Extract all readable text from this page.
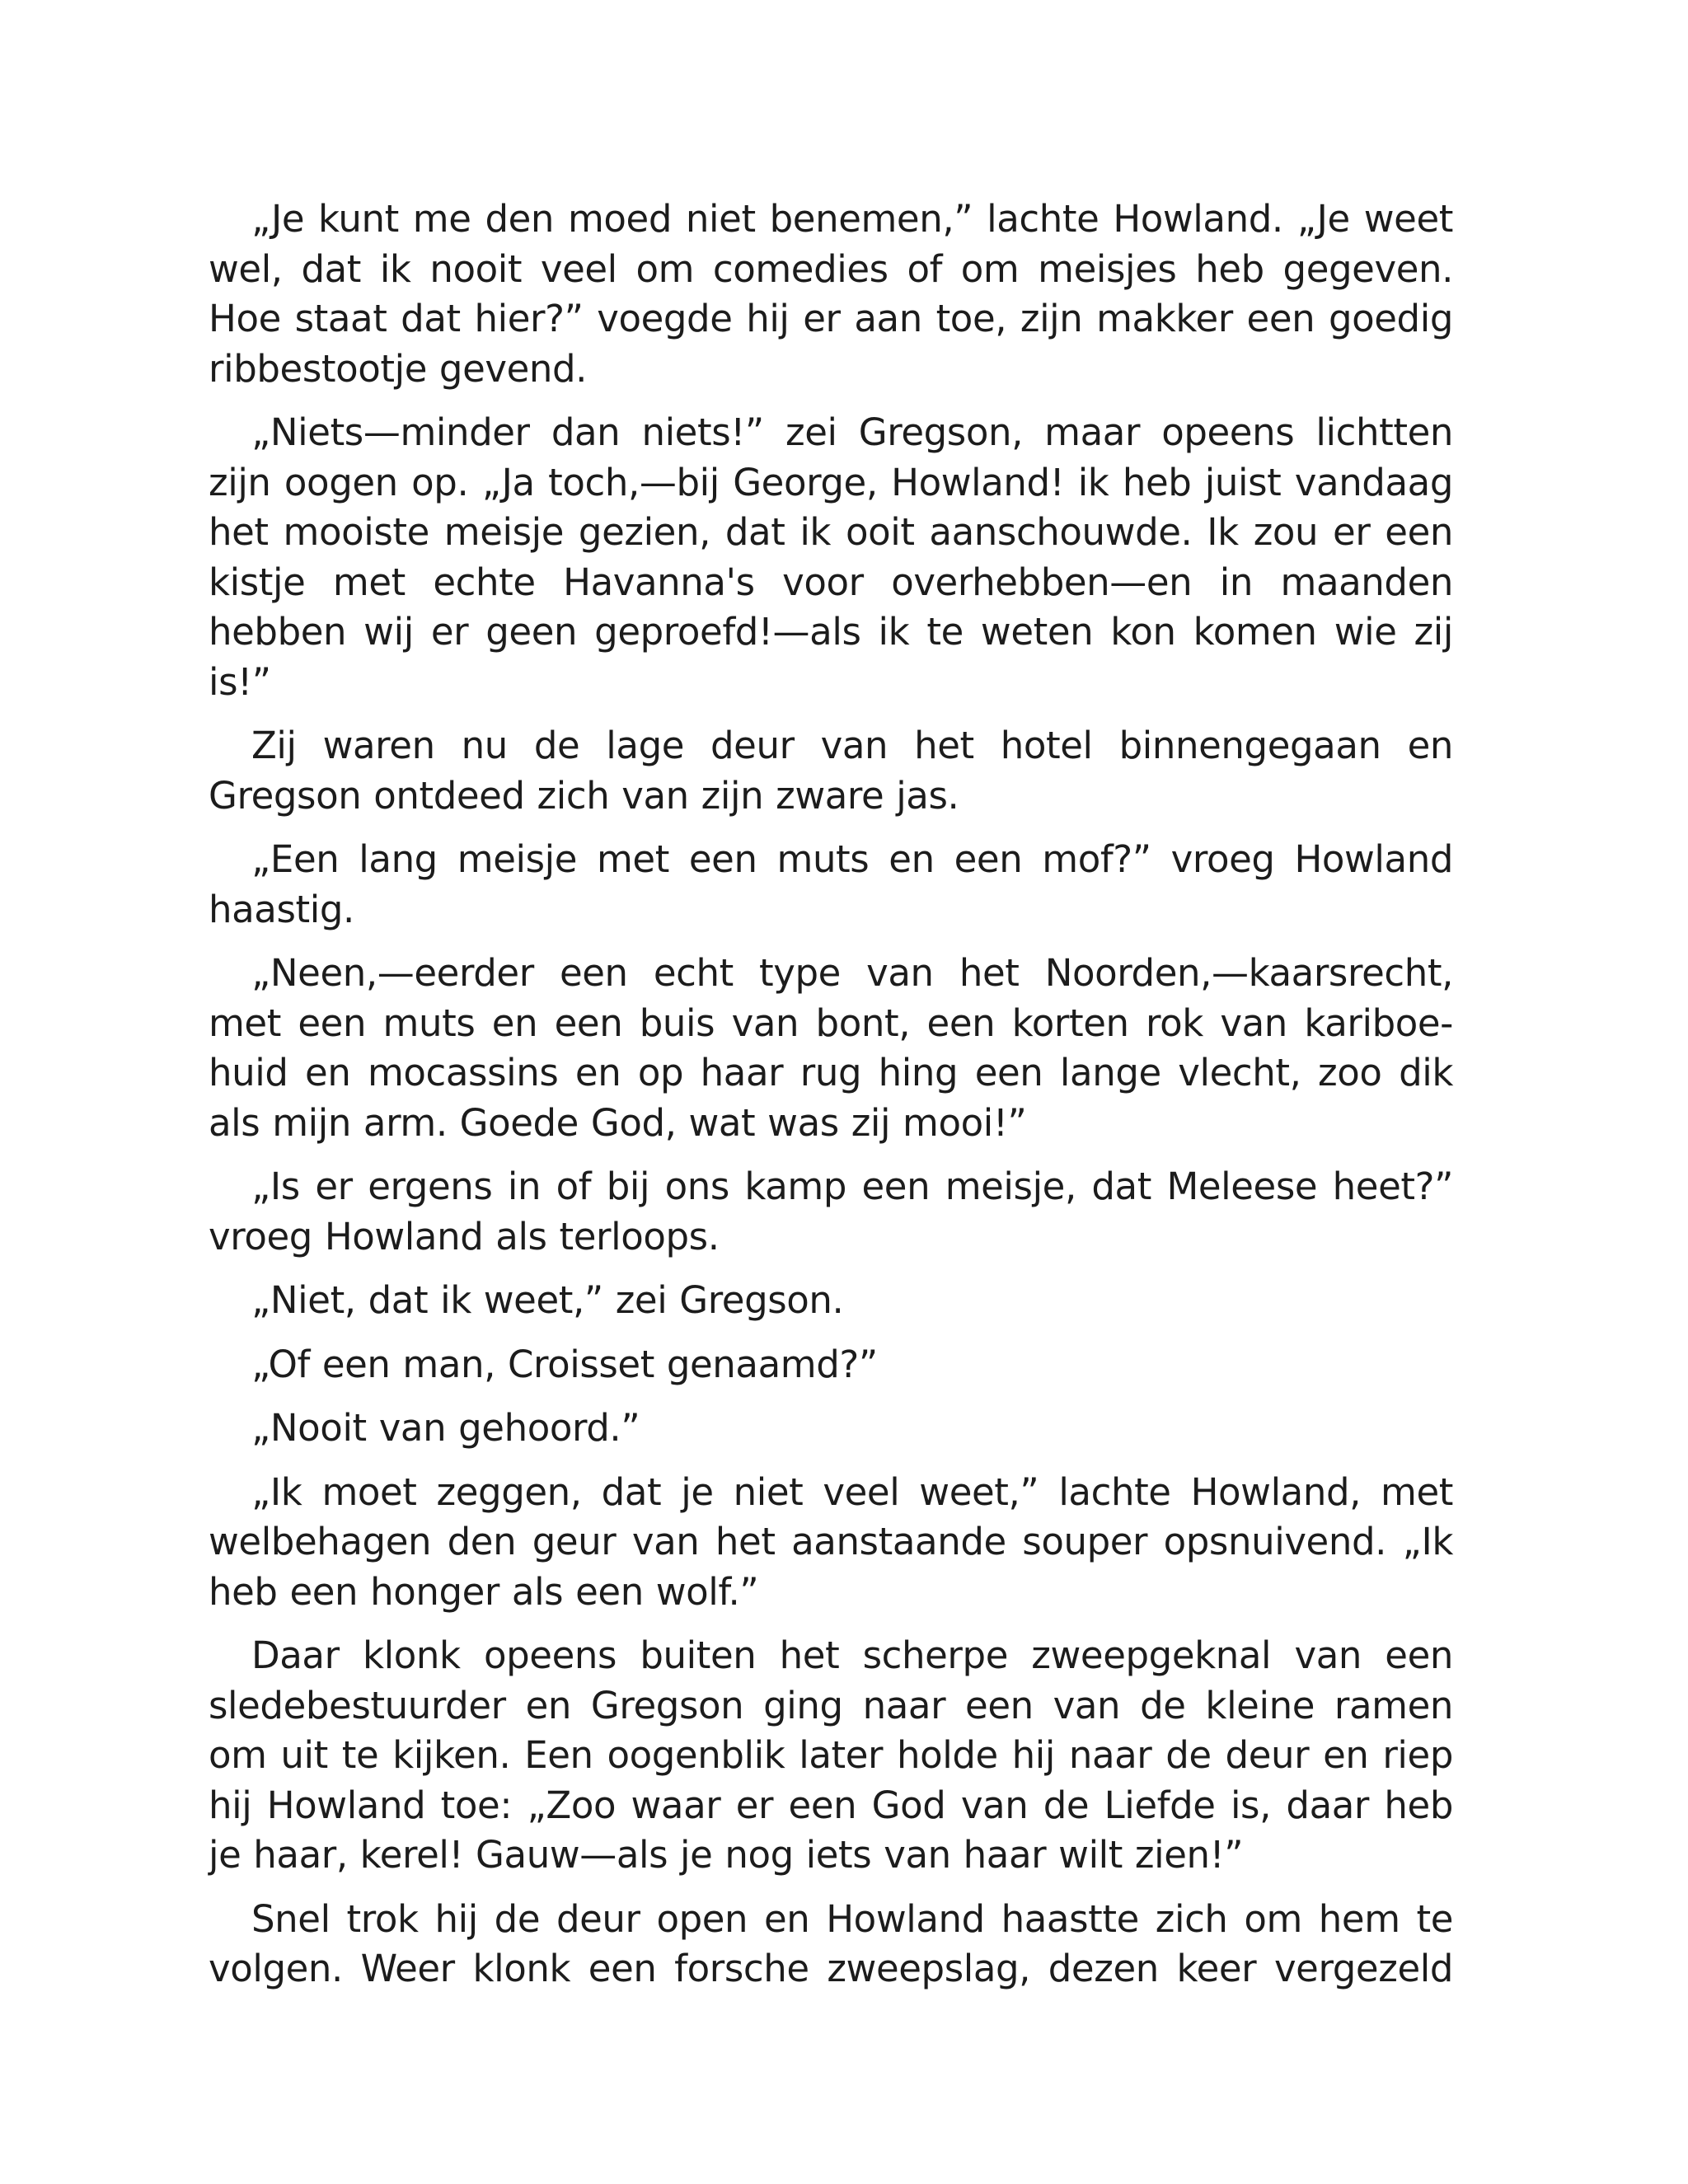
„Je kunt me den moed niet benemen,” lachte Howland. „Je weet wel, dat ik nooit veel om comedies of om meisjes heb gegeven. Hoe staat dat hier?” voegde hij er aan toe, zijn makker een goedig ribbestootje gevend.

„Niets—minder dan niets!” zei Gregson, maar opeens lichtten zijn oogen op. „Ja toch,—bij George, Howland! ik heb juist vandaag het mooiste meisje gezien, dat ik ooit aanschouwde. Ik zou er een kistje met echte Havanna's voor overhebben—en in maanden hebben wij er geen geproefd!—als ik te weten kon komen wie zij is!”

Zij waren nu de lage deur van het hotel binnengegaan en Gregson ontdeed zich van zijn zware jas.

„Een lang meisje met een muts en een mof?” vroeg Howland haastig.

„Neen,—eerder een echt type van het Noorden,—kaarsrecht, met een muts en een buis van bont, een korten rok van kariboe-huid en mocassins en op haar rug hing een lange vlecht, zoo dik als mijn arm. Goede God, wat was zij mooi!”

„Is er ergens in of bij ons kamp een meisje, dat Meleese heet?” vroeg Howland als terloops.

„Niet, dat ik weet,” zei Gregson.

„Of een man, Croisset genaamd?”

„Nooit van gehoord.”

„Ik moet zeggen, dat je niet veel weet,” lachte Howland, met welbehagen den geur van het aanstaande souper opsnuivend. „Ik heb een honger als een wolf.”

Daar klonk opeens buiten het scherpe zweepgeknal van een sledebestuurder en Gregson ging naar een van de kleine ramen om uit te kijken. Een oogenblik later holde hij naar de deur en riep hij Howland toe: „Zoo waar er een God van de Liefde is, daar heb je haar, kerel! Gauw—als je nog iets van haar wilt zien!”

Snel trok hij de deur open en Howland haastte zich om hem te volgen. Weer klonk een forsche zweepslag, dezen keer vergezeld
